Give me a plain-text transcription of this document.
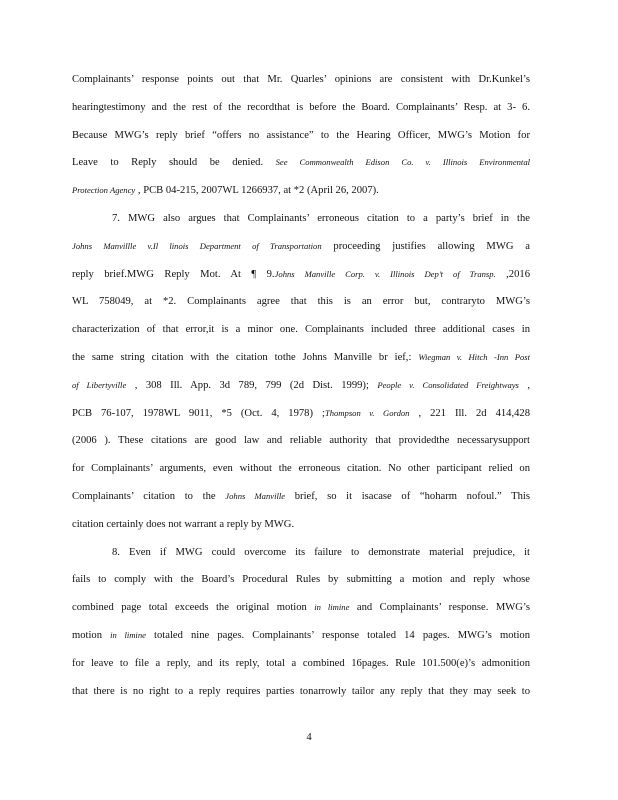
Complainants’ response points out that Mr. Quarles’ opinions are consistent with Dr.Kunkel’s
hearingtestimony and the rest of the recordthat is before the Board. Complainants’ Resp. at 3- 6.
Because MWG’s reply brief “offers no assistance” to the Hearing Officer, MWG’s Motion for
Leave to Reply should be denied. See Commonwealth Edison Co. v. Illinois Environmental
Protection Agency , PCB 04-215, 2007WL 1266937, at *2 (April 26, 2007).
7. MWG also argues that Complainants’ erroneous citation to a party’s brief in the
Johns Manvillle v.Il linois Department of Transportation proceeding justifies allowing MWG a
reply brief.MWG Reply Mot. At ¶ 9.Johns Manville Corp. v. Illinois Dep’t of Transp. ,2016
WL 758049, at *2. Complainants agree that this is an error but, contraryto MWG’s
characterization of that error,it is a minor one. Complainants included three additional cases in
the same string citation with the citation tothe Johns Manville br ief,: Wiegman v. Hitch -Inn Post
of Libertyville , 308 Ill. App. 3d 789, 799 (2d Dist. 1999); People v. Consolidated Freightways ,
PCB 76-107, 1978WL 9011, *5 (Oct. 4, 1978) ;Thompson v. Gordon , 221 Ill. 2d 414,428
(2006 ). These citations are good law and reliable authority that providedthe necessarysupport
for Complainants’ arguments, even without the erroneous citation. No other participant relied on
Complainants’ citation to the Johns Manville brief, so it isacase of “hoharm nofoul.” This
citation certainly does not warrant a reply by MWG.
8. Even if MWG could overcome its failure to demonstrate material prejudice, it
fails to comply with the Board’s Procedural Rules by submitting a motion and reply whose
combined page total exceeds the original motion in limine and Complainants’ response. MWG’s
motion in limine totaled nine pages. Complainants’ response totaled 14 pages. MWG’s motion
for leave to file a reply, and its reply, total a combined 16pages. Rule 101.500(e)’s admonition
that there is no right to a reply requires parties tonarrowly tailor any reply that they may seek to
4
